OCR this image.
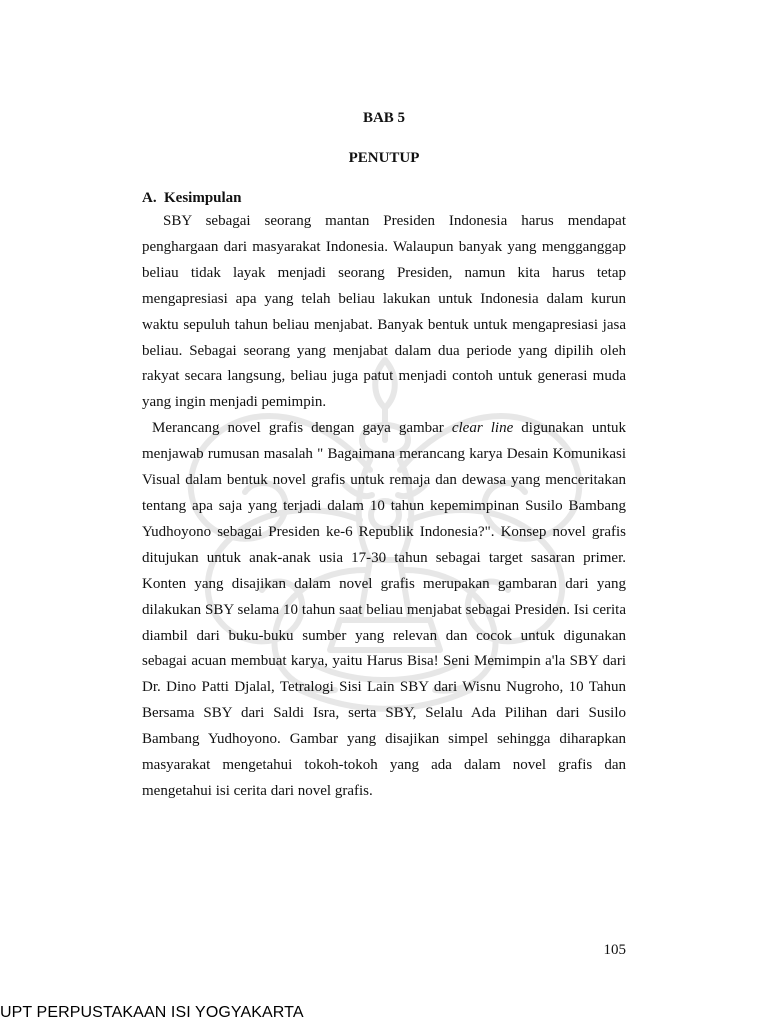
BAB 5

PENUTUP

A. Kesimpulan

SBY sebagai seorang mantan Presiden Indonesia harus mendapat penghargaan dari masyarakat Indonesia. Walaupun banyak yang mengganggap beliau tidak layak menjadi seorang Presiden, namun kita harus tetap mengapresiasi apa yang telah beliau lakukan untuk Indonesia dalam kurun waktu sepuluh tahun beliau menjabat. Banyak bentuk untuk mengapresiasi jasa beliau. Sebagai seorang yang menjabat dalam dua periode yang dipilih oleh rakyat secara langsung, beliau juga patut menjadi contoh untuk generasi muda yang ingin menjadi pemimpin.

Merancang novel grafis dengan gaya gambar clear line digunakan untuk menjawab rumusan masalah " Bagaimana merancang karya Desain Komunikasi Visual dalam bentuk novel grafis untuk remaja dan dewasa yang menceritakan tentang apa saja yang terjadi dalam 10 tahun kepemimpinan Susilo Bambang Yudhoyono sebagai Presiden ke-6 Republik Indonesia?". Konsep novel grafis ditujukan untuk anak-anak usia 17-30 tahun sebagai target sasaran primer. Konten yang disajikan dalam novel grafis merupakan gambaran dari yang dilakukan SBY selama 10 tahun saat beliau menjabat sebagai Presiden. Isi cerita diambil dari buku-buku sumber yang relevan dan cocok untuk digunakan sebagai acuan membuat karya, yaitu Harus Bisa! Seni Memimpin a'la SBY dari Dr. Dino Patti Djalal, Tetralogi Sisi Lain SBY dari Wisnu Nugroho, 10 Tahun Bersama SBY dari Saldi Isra, serta SBY, Selalu Ada Pilihan dari Susilo Bambang Yudhoyono. Gambar yang disajikan simpel sehingga diharapkan masyarakat mengetahui tokoh-tokoh yang ada dalam novel grafis dan mengetahui isi cerita dari novel grafis.

105
UPT PERPUSTAKAAN ISI YOGYAKARTA
